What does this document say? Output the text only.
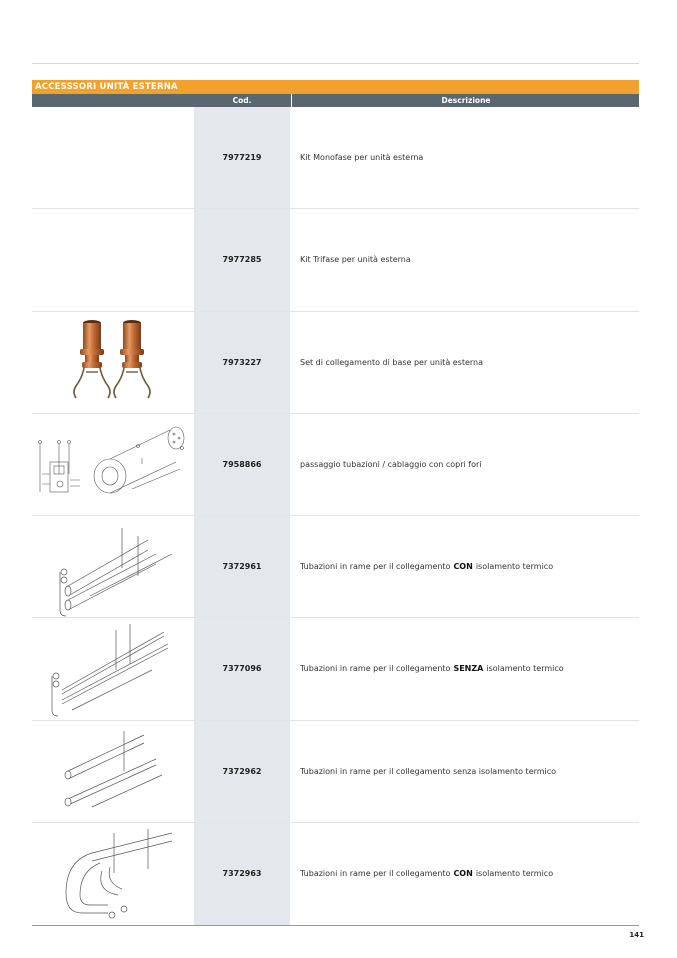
ACCESSSORI UNITÀ ESTERNA
Cod.	Descrizione
7977219	Kit Monofase per unità esterna
7977285	Kit Trifase per unità esterna
7973227	Set di collegamento di base per unità esterna
7958866	passaggio tubazioni / cablaggio con copri fori
7372961	Tubazioni in rame per il collegamento CON isolamento termico
7377096	Tubazioni in rame per il collegamento SENZA isolamento termico
7372962	Tubazioni in rame per il collegamento senza isolamento termico
7372963	Tubazioni in rame per il collegamento CON isolamento termico
141
